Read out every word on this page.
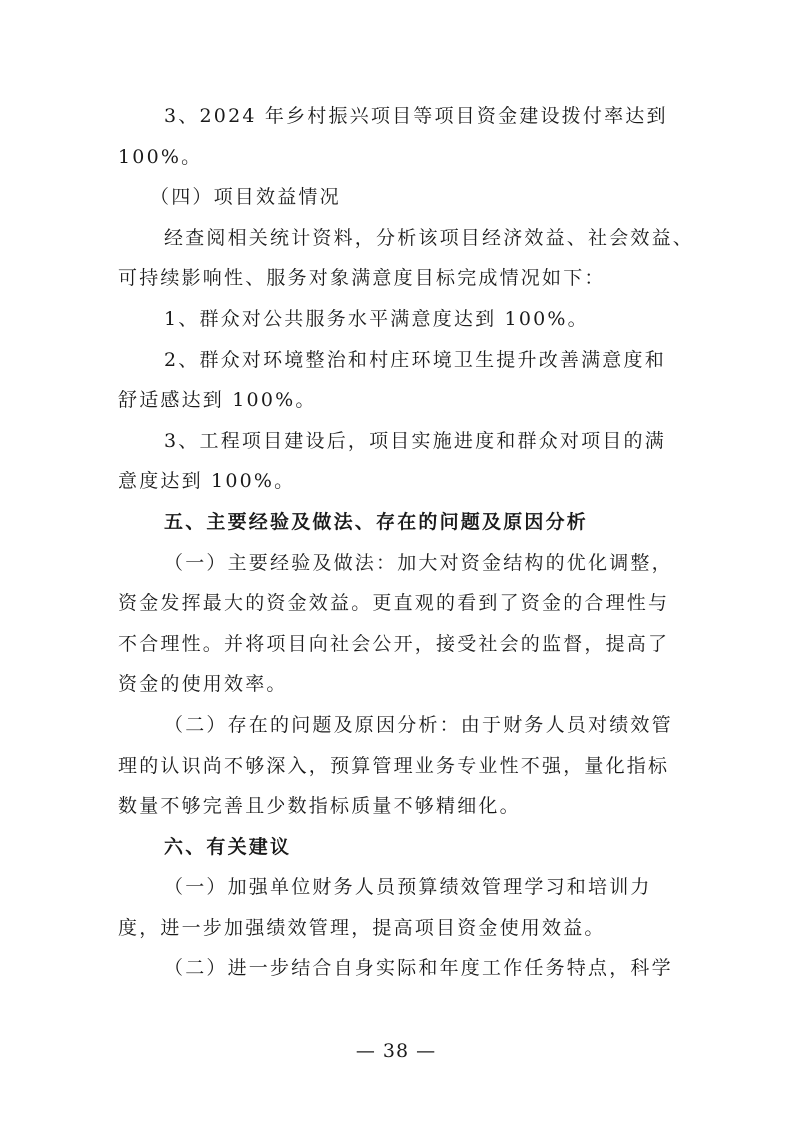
3、2024 年乡村振兴项目等项目资金建设拨付率达到
100%。
（四）项目效益情况
经查阅相关统计资料，分析该项目经济效益、社会效益、
可持续影响性、服务对象满意度目标完成情况如下：
1、群众对公共服务水平满意度达到 100%。
2、群众对环境整治和村庄环境卫生提升改善满意度和
舒适感达到 100%。
3、工程项目建设后，项目实施进度和群众对项目的满
意度达到 100%。
五、主要经验及做法、存在的问题及原因分析
（一）主要经验及做法：加大对资金结构的优化调整，
资金发挥最大的资金效益。更直观的看到了资金的合理性与
不合理性。并将项目向社会公开，接受社会的监督，提高了
资金的使用效率。
（二）存在的问题及原因分析：由于财务人员对绩效管
理的认识尚不够深入，预算管理业务专业性不强，量化指标
数量不够完善且少数指标质量不够精细化。
六、有关建议
（一）加强单位财务人员预算绩效管理学习和培训力
度，进一步加强绩效管理，提高项目资金使用效益。
（二）进一步结合自身实际和年度工作任务特点，科学
— 38 —
